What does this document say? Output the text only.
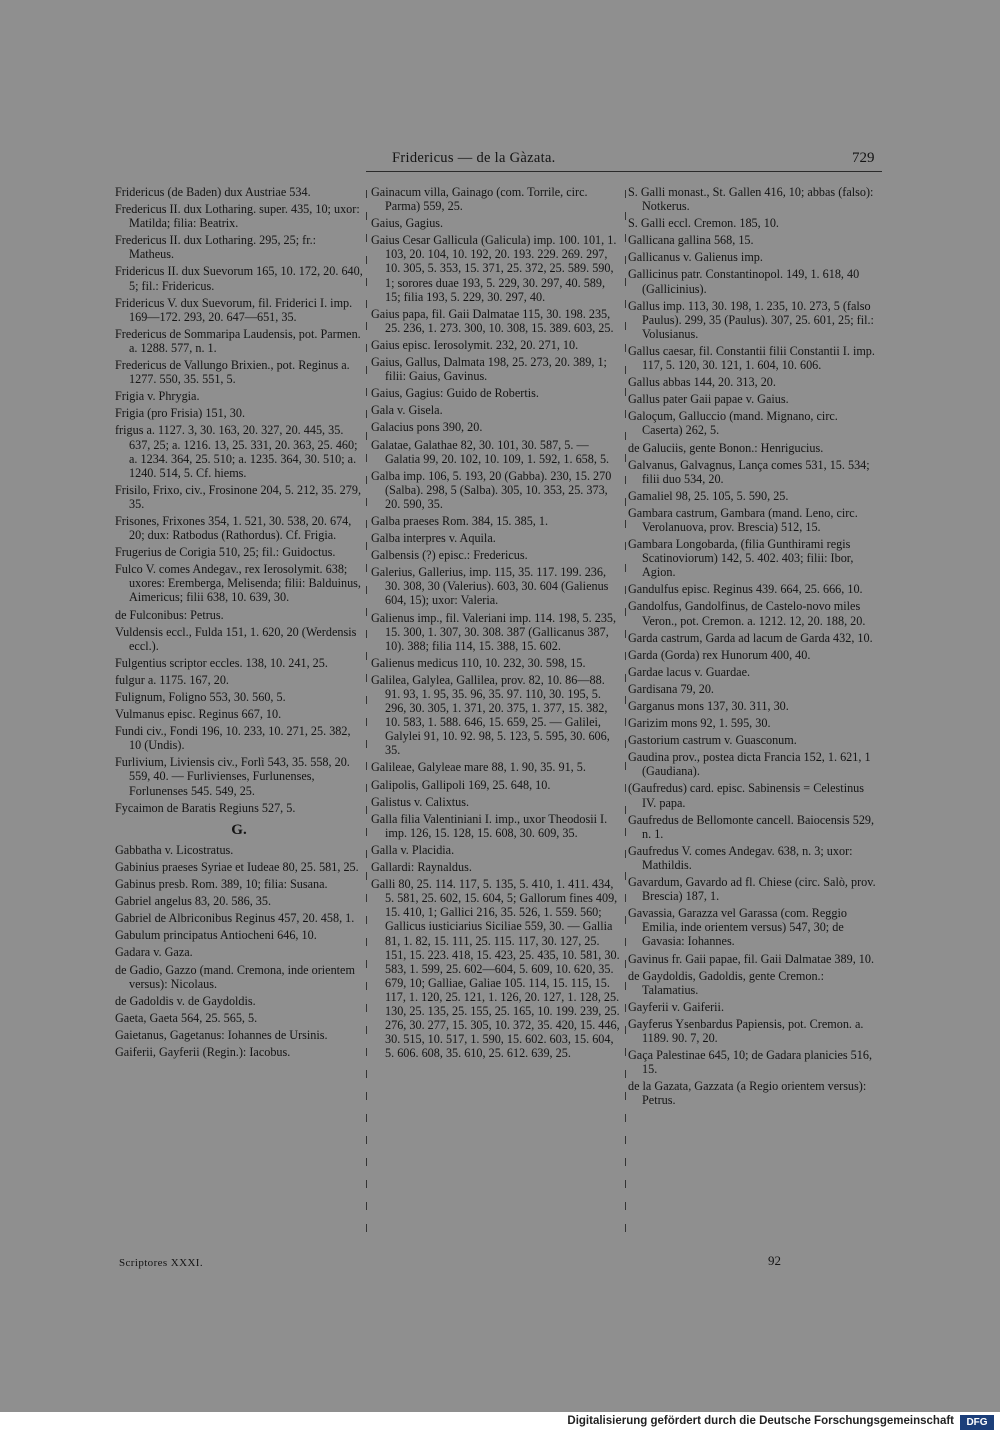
Fridericus — de la Gàzata.	729
Fridericus (de Baden) dux Austriae 534.
Fredericus II. dux Lotharing. super. 435, 10; uxor: Matilda; filia: Beatrix.
Fredericus II. dux Lotharing. 295, 25; fr.: Matheus.
Fridericus II. dux Suevorum 165, 10. 172, 20. 640, 5; fil.: Fridericus.
Fridericus V. dux Suevorum, fil. Friderici I. imp. 169—172. 293, 20. 647—651, 35.
Fredericus de Sommaripa Laudensis, pot. Parmen. a. 1288. 577, n. 1.
Fredericus de Vallungo Brixien., pot. Reginus a. 1277. 550, 35. 551, 5.
Frigia v. Phrygia.
Frigia (pro Frisia) 151, 30.
frigus a. 1127. 3, 30. 163, 20. 327, 20. 445, 35. 637, 25; a. 1216. 13, 25. 331, 20. 363, 25. 460; a. 1234. 364, 25. 510; a. 1235. 364, 30. 510; a. 1240. 514, 5. Cf. hiems.
Frisilo, Frixo, civ., Frosinone 204, 5. 212, 35. 279, 35.
Frisones, Frixones 354, 1. 521, 30. 538, 20. 674, 20; dux: Ratbodus (Rathordus). Cf. Frigia.
Frugerius de Corigia 510, 25; fil.: Guidoctus.
Fulco V. comes Andegav., rex Ierosolymit. 638; uxores: Eremberga, Melisenda; filii: Balduinus, Aimericus; filii 638, 10. 639, 30.
de Fulconibus: Petrus.
Vuldensis eccl., Fulda 151, 1. 620, 20 (Werdensis eccl.).
Fulgentius scriptor eccles. 138, 10. 241, 25.
fulgur a. 1175. 167, 20.
Fulignum, Foligno 553, 30. 560, 5.
Vulmanus episc. Reginus 667, 10.
Fundi civ., Fondi 196, 10. 233, 10. 271, 25. 382, 10 (Undis).
Furlivium, Liviensis civ., Forlì 543, 35. 558, 20. 559, 40. — Furlivienses, Furlunenses, Forlunenses 545. 549, 25.
Fycaimon de Baratis Regiuns 527, 5.
G.
Gabbatha v. Licostratus.
Gabinius praeses Syriae et Iudeae 80, 25. 581, 25.
Gabinus presb. Rom. 389, 10; filia: Susana.
Gabriel angelus 83, 20. 586, 35.
Gabriel de Albriconibus Reginus 457, 20. 458, 1.
Gabulum principatus Antiocheni 646, 10.
Gadara v. Gaza.
de Gadio, Gazzo (mand. Cremona, inde orientem versus): Nicolaus.
de Gadoldis v. de Gaydoldis.
Gaeta, Gaeta 564, 25. 565, 5.
Gaietanus, Gagetanus: Iohannes de Ursinis.
Gaiferii, Gayferii (Regin.): Iacobus.
Gainacum villa, Gainago (com. Torrile, circ. Parma) 559, 25.
Gaius, Gagius.
Gaius Cesar Gallicula (Galicula) imp. 100. 101, 1. 103, 20. 104, 10. 192, 20. 193. 229. 269. 297, 10. 305, 5. 353, 15. 371, 25. 372, 25. 589. 590, 1; sorores duae 193, 5. 229, 30. 297, 40. 589, 15; filia 193, 5. 229, 30. 297, 40.
Gaius papa, fil. Gaii Dalmatae 115, 30. 198. 235, 25. 236, 1. 273. 300, 10. 308, 15. 389. 603, 25.
Gaius episc. Ierosolymit. 232, 20. 271, 10.
Gaius, Gallus, Dalmata 198, 25. 273, 20. 389, 1; filii: Gaius, Gavinus.
Gaius, Gagius: Guido de Robertis.
Gala v. Gisela.
Galacius pons 390, 20.
Galatae, Galathae 82, 30. 101, 30. 587, 5. — Galatia 99, 20. 102, 10. 109, 1. 592, 1. 658, 5.
Galba imp. 106, 5. 193, 20 (Gabba). 230, 15. 270 (Salba). 298, 5 (Salba). 305, 10. 353, 25. 373, 20. 590, 35.
Galba praeses Rom. 384, 15. 385, 1.
Galba interpres v. Aquila.
Galbensis (?) episc.: Fredericus.
Galerius, Gallerius, imp. 115, 35. 117. 199. 236, 30. 308, 30 (Valerius). 603, 30. 604 (Galienus 604, 15); uxor: Valeria.
Galienus imp., fil. Valeriani imp. 114. 198, 5. 235, 15. 300, 1. 307, 30. 308. 387 (Gallicanus 387, 10). 388; filia 114, 15. 388, 15. 602.
Galienus medicus 110, 10. 232, 30. 598, 15.
Galilea, Galylea, Gallilea, prov. 82, 10. 86—88. 91. 93, 1. 95, 35. 96, 35. 97. 110, 30. 195, 5. 296, 30. 305, 1. 371, 20. 375, 1. 377, 15. 382, 10. 583, 1. 588. 646, 15. 659, 25. — Galilei, Galylei 91, 10. 92. 98, 5. 123, 5. 595, 30. 606, 35.
Galileae, Galyleae mare 88, 1. 90, 35. 91, 5.
Galipolis, Gallipoli 169, 25. 648, 10.
Galistus v. Calixtus.
Galla filia Valentiniani I. imp., uxor Theodosii I. imp. 126, 15. 128, 15. 608, 30. 609, 35.
Galla v. Placidia.
Gallardi: Raynaldus.
Galli 80, 25. 114. 117, 5. 135, 5. 410, 1. 411. 434, 5. 581, 25. 602, 15. 604, 5; Gallorum fines 409, 15. 410, 1; Gallici 216, 35. 526, 1. 559. 560; Gallicus iusticiarius Siciliae 559, 30. — Gallia 81, 1. 82, 15. 111, 25. 115. 117, 30. 127, 25. 151, 15. 223. 418, 15. 423, 25. 435, 10. 581, 30. 583, 1. 599, 25. 602—604, 5. 609, 10. 620, 35. 679, 10; Galliae, Galiae 105. 114, 15. 115, 15. 117, 1. 120, 25. 121, 1. 126, 20. 127, 1. 128, 25. 130, 25. 135, 25. 155, 25. 165, 10. 199. 239, 25. 276, 30. 277, 15. 305, 10. 372, 35. 420, 15. 446, 30. 515, 10. 517, 1. 590, 15. 602. 603, 15. 604, 5. 606. 608, 35. 610, 25. 612. 639, 25.
S. Galli monast., St. Gallen 416, 10; abbas (falso): Notkerus.
S. Galli eccl. Cremon. 185, 10.
Gallicana gallina 568, 15.
Gallicanus v. Galienus imp.
Gallicinus patr. Constantinopol. 149, 1. 618, 40 (Gallicinius).
Gallus imp. 113, 30. 198, 1. 235, 10. 273, 5 (falso Paulus). 299, 35 (Paulus). 307, 25. 601, 25; fil.: Volusianus.
Gallus caesar, fil. Constantii filii Constantii I. imp. 117, 5. 120, 30. 121, 1. 604, 10. 606.
Gallus abbas 144, 20. 313, 20.
Gallus pater Gaii papae v. Gaius.
Galoçum, Galluccio (mand. Mignano, circ. Caserta) 262, 5.
de Galuciis, gente Bonon.: Henrigucius.
Galvanus, Galvagnus, Lança comes 531, 15. 534; filii duo 534, 20.
Gamaliel 98, 25. 105, 5. 590, 25.
Gambara castrum, Gambara (mand. Leno, circ. Verolanuova, prov. Brescia) 512, 15.
Gambara Longobarda, (filia Gunthirami regis Scatinoviorum) 142, 5. 402. 403; filii: Ibor, Agion.
Gandulfus episc. Reginus 439. 664, 25. 666, 10.
Gandolfus, Gandolfinus, de Castelo-novo miles Veron., pot. Cremon. a. 1212. 12, 20. 188, 20.
Garda castrum, Garda ad lacum de Garda 432, 10.
Garda (Gorda) rex Hunorum 400, 40.
Gardae lacus v. Guardae.
Gardisana 79, 20.
Garganus mons 137, 30. 311, 30.
Garizim mons 92, 1. 595, 30.
Gastorium castrum v. Guasconum.
Gaudina prov., postea dicta Francia 152, 1. 621, 1 (Gaudiana).
(Gaufredus) card. episc. Sabinensis = Celestinus IV. papa.
Gaufredus de Bellomonte cancell. Baiocensis 529, n. 1.
Gaufredus V. comes Andegav. 638, n. 3; uxor: Mathildis.
Gavardum, Gavardo ad fl. Chiese (circ. Salò, prov. Brescia) 187, 1.
Gavassia, Garazza vel Garassa (com. Reggio Emilia, inde orientem versus) 547, 30; de Gavasia: Iohannes.
Gavinus fr. Gaii papae, fil. Gaii Dalmatae 389, 10.
de Gaydoldis, Gadoldis, gente Cremon.: Talamatius.
Gayferii v. Gaiferii.
Gayferus Ysenbardus Papiensis, pot. Cremon. a. 1189. 90. 7, 20.
Gaça Palestinae 645, 10; de Gadara planicies 516, 15.
de la Gazata, Gazzata (a Regio orientem versus): Petrus.
Scriptores XXXI.	92
Digitalisierung gefördert durch die Deutsche Forschungsgemeinschaft	DFG
